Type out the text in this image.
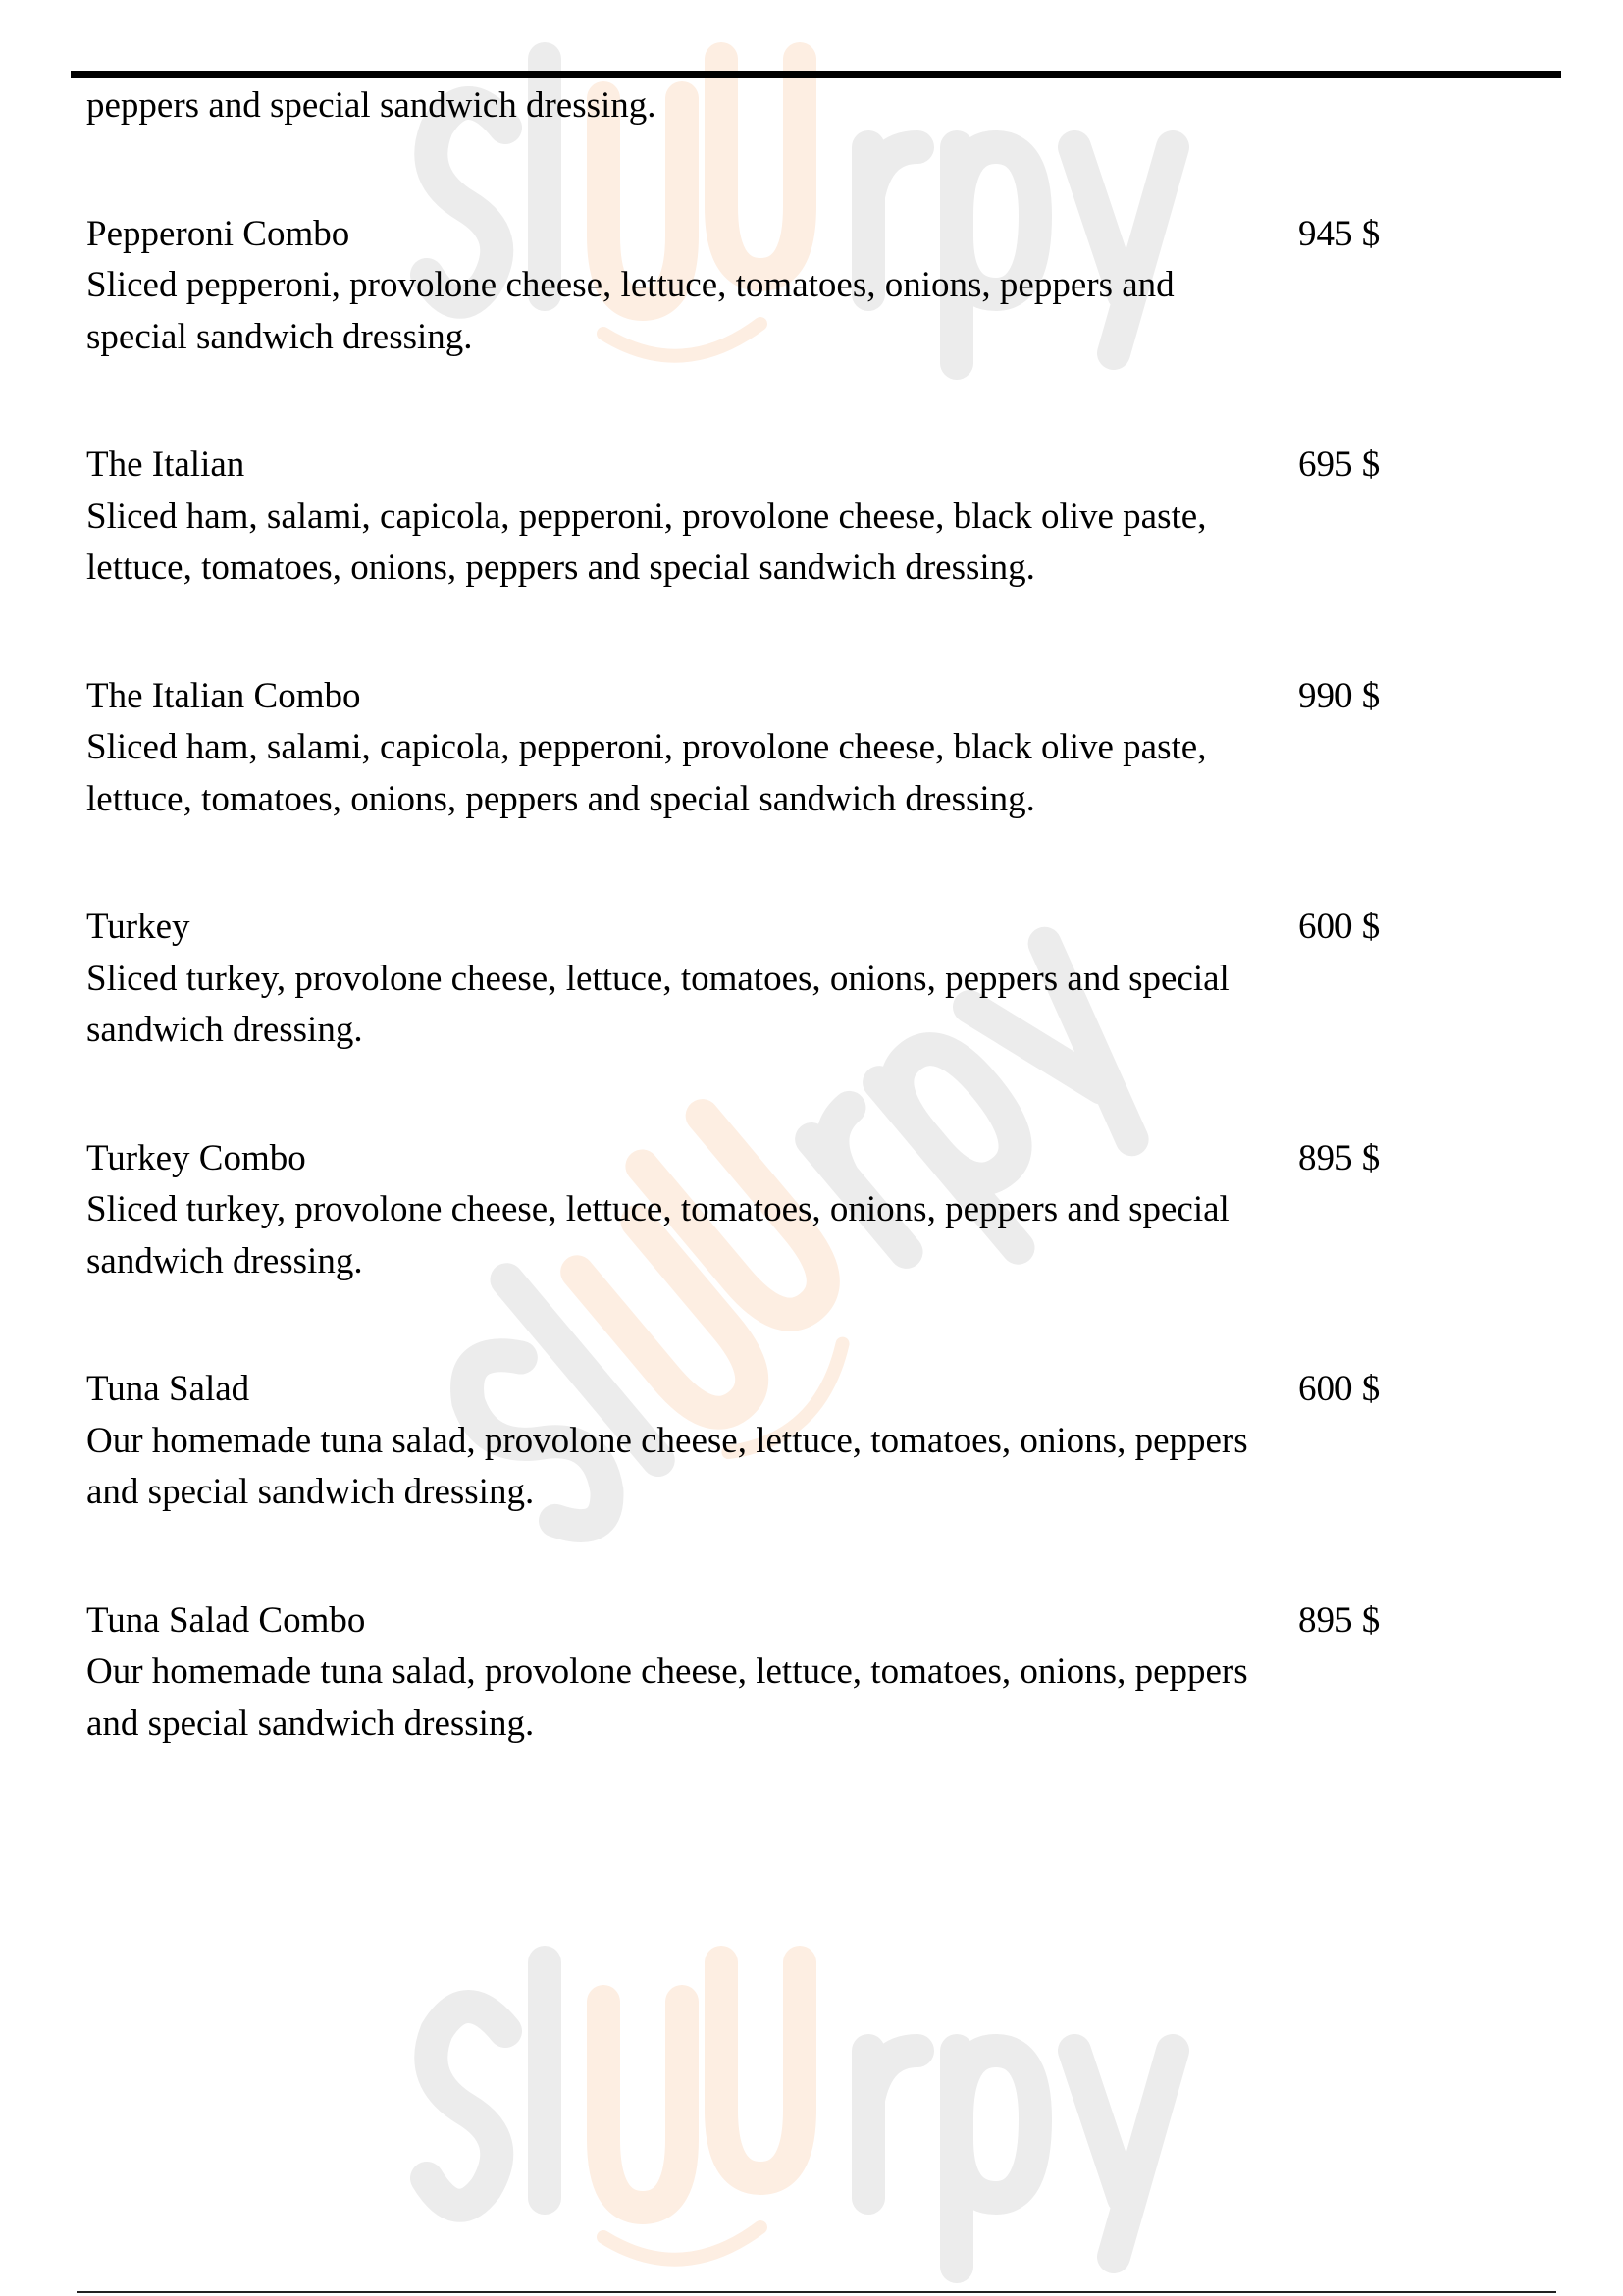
peppers and special sandwich dressing.
Pepperoni Combo
Sliced pepperoni, provolone cheese, lettuce, tomatoes, onions, peppers and special sandwich dressing.
945 $
The Italian
Sliced ham, salami, capicola, pepperoni, provolone cheese, black olive paste, lettuce, tomatoes, onions, peppers and special sandwich dressing.
695 $
The Italian Combo
Sliced ham, salami, capicola, pepperoni, provolone cheese, black olive paste, lettuce, tomatoes, onions, peppers and special sandwich dressing.
990 $
Turkey
Sliced turkey, provolone cheese, lettuce, tomatoes, onions, peppers and special sandwich dressing.
600 $
Turkey Combo
Sliced turkey, provolone cheese, lettuce, tomatoes, onions, peppers and special sandwich dressing.
895 $
Tuna Salad
Our homemade tuna salad, provolone cheese, lettuce, tomatoes, onions, peppers and special sandwich dressing.
600 $
Tuna Salad Combo
Our homemade tuna salad, provolone cheese, lettuce, tomatoes, onions, peppers and special sandwich dressing.
895 $
